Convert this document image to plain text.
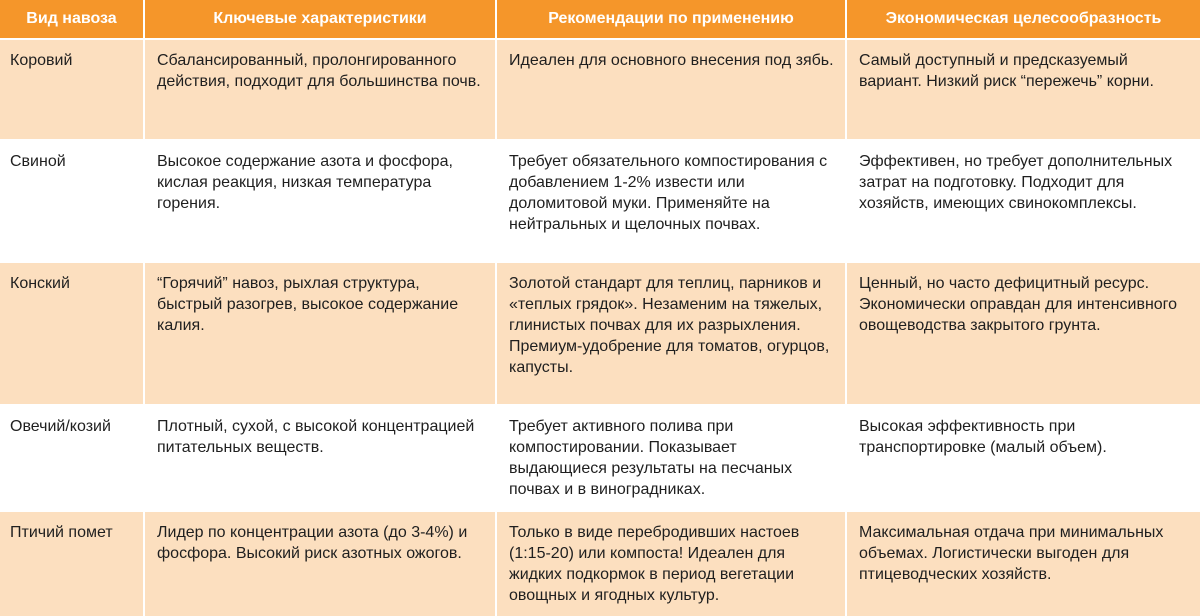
Вид навоза	Ключевые характеристики	Рекомендации по применению	Экономическая целесообразность
Коровий	Сбалансированный, пролонгированного действия, подходит для большинства почв.	Идеален для основного внесения под зябь.	Самый доступный и предсказуемый вариант. Низкий риск “пережечь” корни.
Свиной	Высокое содержание азота и фосфора, кислая реакция, низкая температура горения.	Требует обязательного компостирования с добавлением 1-2% извести или доломитовой муки. Применяйте на нейтральных и щелочных почвах.	Эффективен, но требует дополнительных затрат на подготовку. Подходит для хозяйств, имеющих свинокомплексы.
Конский	“Горячий” навоз, рыхлая структура, быстрый разогрев, высокое содержание калия.	Золотой стандарт для теплиц, парников и «теплых грядок». Незаменим на тяжелых, глинистых почвах для их разрыхления. Премиум-удобрение для томатов, огурцов, капусты.	Ценный, но часто дефицитный ресурс. Экономически оправдан для интенсивного овощеводства закрытого грунта.
Овечий/козий	Плотный, сухой, с высокой концентрацией питательных веществ.	Требует активного полива при компостировании. Показывает выдающиеся результаты на песчаных почвах и в виноградниках.	Высокая эффективность при транспортировке (малый объем).
Птичий помет	Лидер по концентрации азота (до 3-4%) и фосфора. Высокий риск азотных ожогов.	Только в виде перебродивших настоев (1:15-20) или компоста! Идеален для жидких подкормок в период вегетации овощных и ягодных культур.	Максимальная отдача при минимальных объемах. Логистически выгоден для птицеводческих хозяйств.
